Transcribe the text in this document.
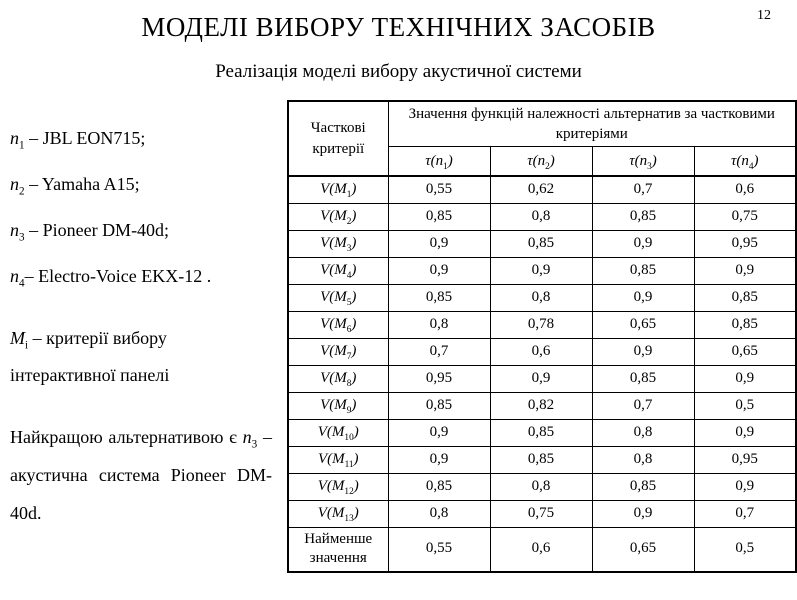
12
МОДЕЛІ ВИБОРУ ТЕХНІЧНИХ ЗАСОБІВ
Реалізація моделі вибору акустичної системи
$n_1$ – JBL EON715;
$n_2$ – Yamaha A15;
$n_3$ – Pioneer DM-40d;
$n_4-$ Electro-Voice EKX-12 .
$M_i$ – критерії вибору інтерактивної панелі
Найкращою альтернативою є $n_3$ – акустична система Pioneer DM-40d.
Часткові критерії	Значення функцій належності альтернатив за частковими критеріями			
	$\tau(n_1)$	$\tau(n_2)$	$\tau(n_3)$	$\tau(n_4)$
$V(M_1)$	0,55	0,62	0,7	0,6
$V(M_2)$	0,85	0,8	0,85	0,75
$V(M_3)$	0,9	0,85	0,9	0,95
$V(M_4)$	0,9	0,9	0,85	0,9
$V(M_5)$	0,85	0,8	0,9	0,85
$V(M_6)$	0,8	0,78	0,65	0,85
$V(M_7)$	0,7	0,6	0,9	0,65
$V(M_8)$	0,95	0,9	0,85	0,9
$V(M_9)$	0,85	0,82	0,7	0,5
$V(M_{10})$	0,9	0,85	0,8	0,9
$V(M_{11})$	0,9	0,85	0,8	0,95
$V(M_{12})$	0,85	0,8	0,85	0,9
$V(M_{13})$	0,8	0,75	0,9	0,7
Найменше значення	0,55	0,6	0,65	0,5
